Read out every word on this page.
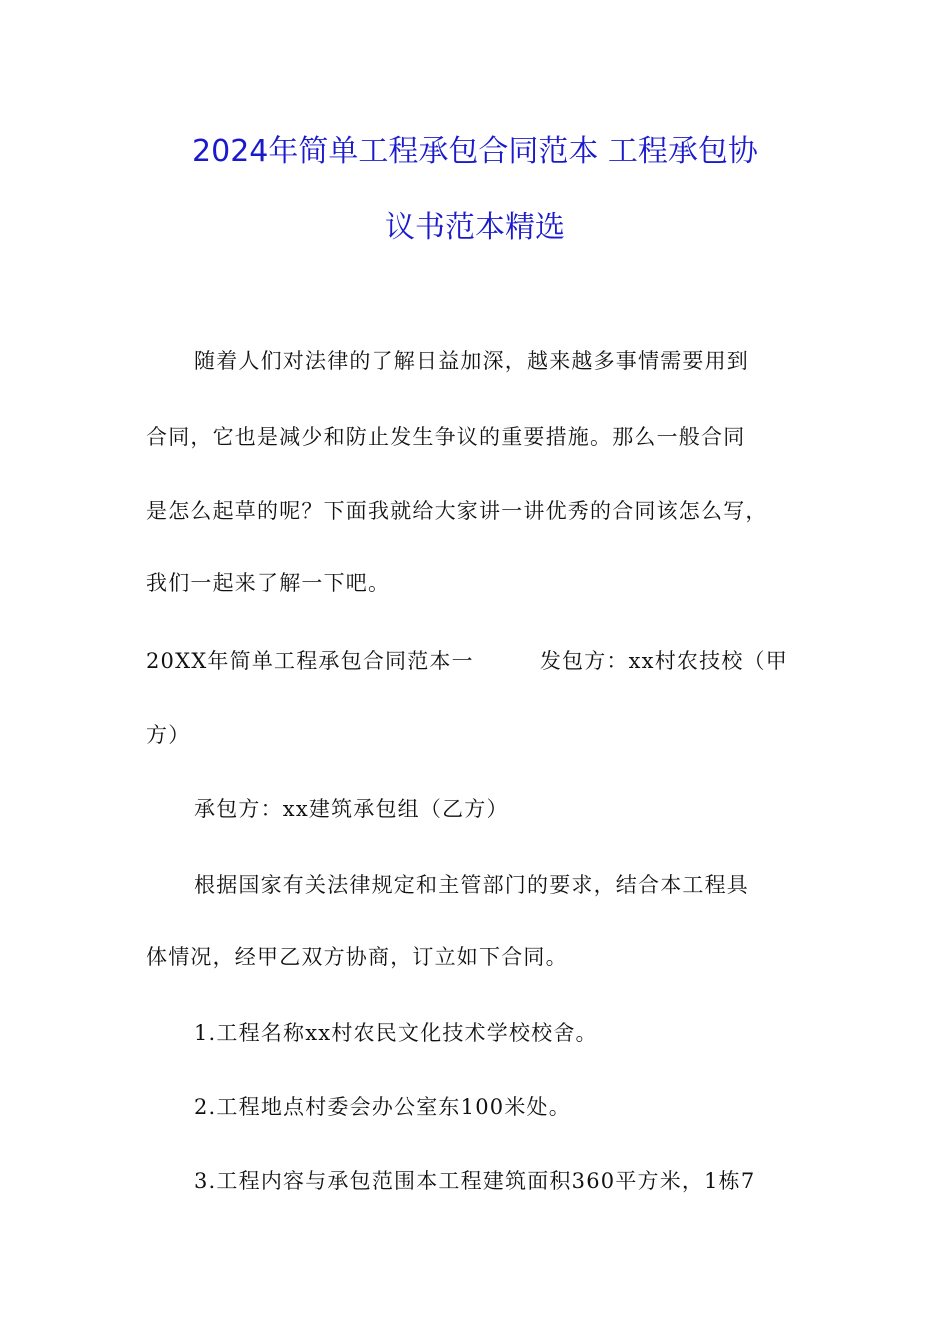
2024年简单工程承包合同范本 工程承包协
议书范本精选
随着人们对法律的了解日益加深，越来越多事情需要用到
合同，它也是减少和防止发生争议的重要措施。那么一般合同
是怎么起草的呢？下面我就给大家讲一讲优秀的合同该怎么写，
我们一起来了解一下吧。
20XX年简单工程承包合同范本一	发包方：xx村农技校（甲
方）
承包方：xx建筑承包组（乙方）
根据国家有关法律规定和主管部门的要求，结合本工程具
体情况，经甲乙双方协商，订立如下合同。
1.工程名称xx村农民文化技术学校校舍。
2.工程地点村委会办公室东100米处。
3.工程内容与承包范围本工程建筑面积360平方米，1栋7
